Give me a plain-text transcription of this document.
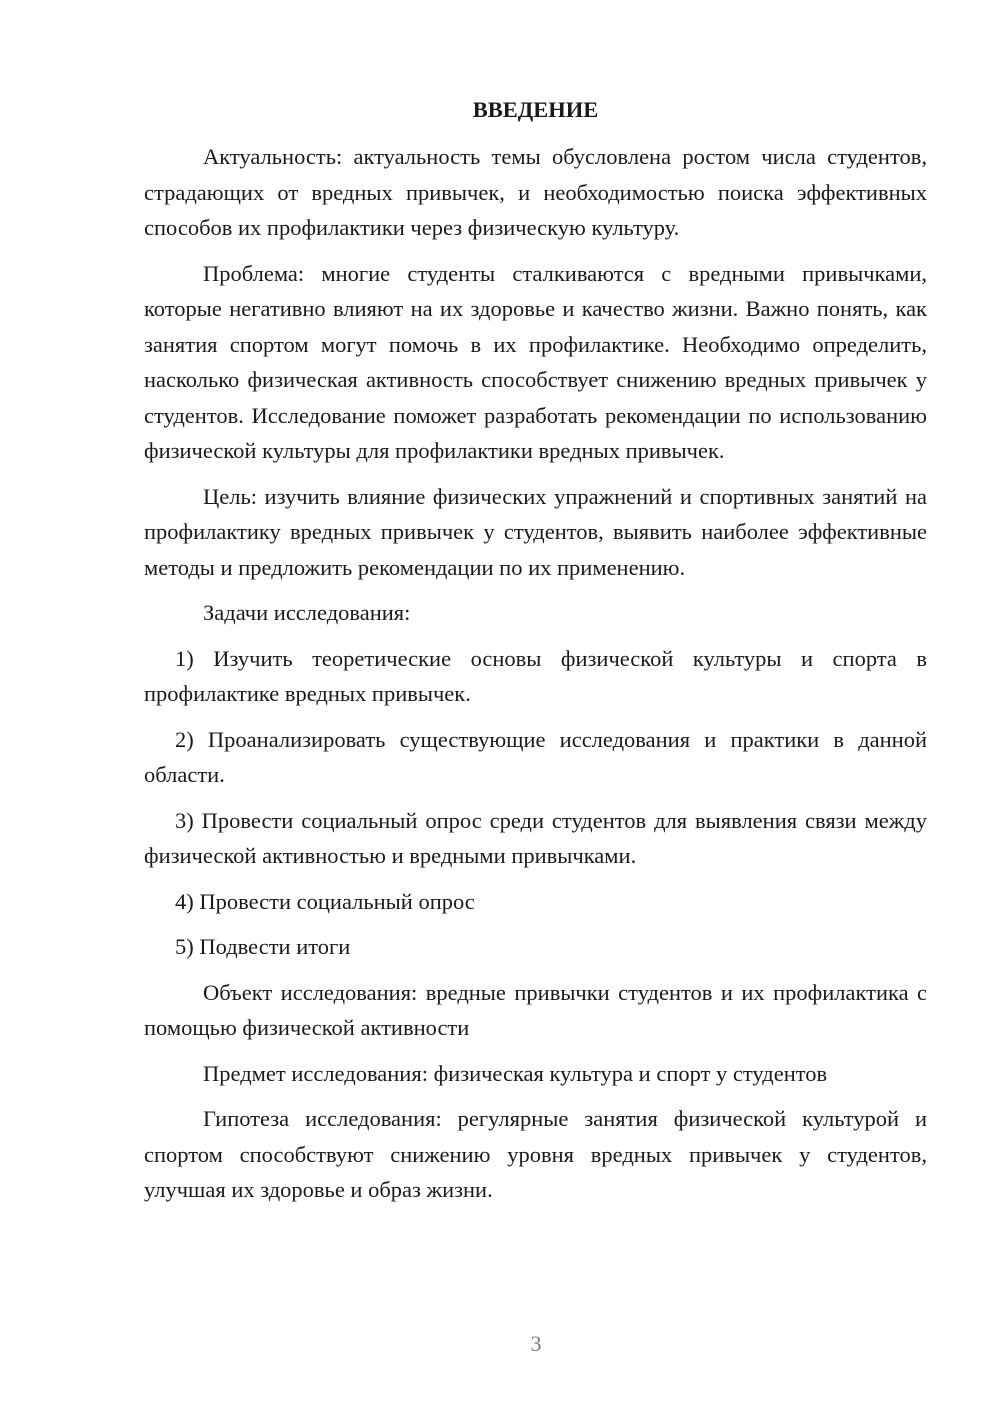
ВВЕДЕНИЕ

Актуальность: актуальность темы обусловлена ростом числа студентов, страдающих от вредных привычек, и необходимостью поиска эффективных способов их профилактики через физическую культуру.

Проблема: многие студенты сталкиваются с вредными привычками, которые негативно влияют на их здоровье и качество жизни. Важно понять, как занятия спортом могут помочь в их профилактике. Необходимо определить, насколько физическая активность способствует снижению вредных привычек у студентов. Исследование поможет разработать рекомендации по использованию физической культуры для профилактики вредных привычек.

Цель: изучить влияние физических упражнений и спортивных занятий на профилактику вредных привычек у студентов, выявить наиболее эффективные методы и предложить рекомендации по их применению.

Задачи исследования:

1) Изучить теоретические основы физической культуры и спорта в профилактике вредных привычек.

2) Проанализировать существующие исследования и практики в данной области.

3) Провести социальный опрос среди студентов для выявления связи между физической активностью и вредными привычками.

4) Провести социальный опрос

5) Подвести итоги

Объект исследования: вредные привычки студентов и их профилактика с помощью физической активности

Предмет исследования: физическая культура и спорт у студентов

Гипотеза исследования: регулярные занятия физической культурой и спортом способствуют снижению уровня вредных привычек у студентов, улучшая их здоровье и образ жизни.

3
